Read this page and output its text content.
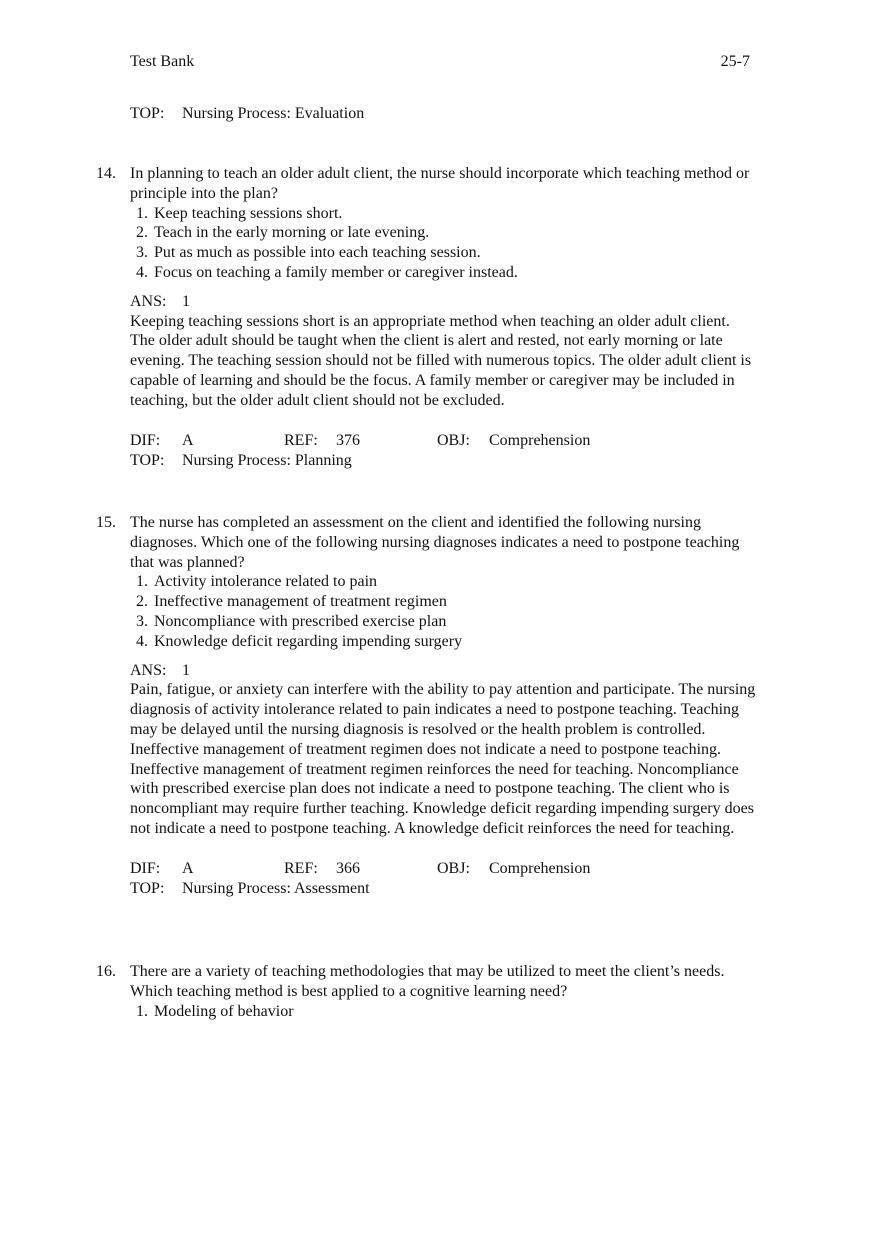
Test Bank	25-7
TOP: Nursing Process: Evaluation
14. In planning to teach an older adult client, the nurse should incorporate which teaching method or principle into the plan?
1. Keep teaching sessions short.
2. Teach in the early morning or late evening.
3. Put as much as possible into each teaching session.
4. Focus on teaching a family member or caregiver instead.
ANS: 1
Keeping teaching sessions short is an appropriate method when teaching an older adult client. The older adult should be taught when the client is alert and rested, not early morning or late evening. The teaching session should not be filled with numerous topics. The older adult client is capable of learning and should be the focus. A family member or caregiver may be included in teaching, but the older adult client should not be excluded.
DIF: A	REF: 376	OBJ: Comprehension
TOP: Nursing Process: Planning
15. The nurse has completed an assessment on the client and identified the following nursing diagnoses. Which one of the following nursing diagnoses indicates a need to postpone teaching that was planned?
1. Activity intolerance related to pain
2. Ineffective management of treatment regimen
3. Noncompliance with prescribed exercise plan
4. Knowledge deficit regarding impending surgery
ANS: 1
Pain, fatigue, or anxiety can interfere with the ability to pay attention and participate. The nursing diagnosis of activity intolerance related to pain indicates a need to postpone teaching. Teaching may be delayed until the nursing diagnosis is resolved or the health problem is controlled. Ineffective management of treatment regimen does not indicate a need to postpone teaching. Ineffective management of treatment regimen reinforces the need for teaching. Noncompliance with prescribed exercise plan does not indicate a need to postpone teaching. The client who is noncompliant may require further teaching. Knowledge deficit regarding impending surgery does not indicate a need to postpone teaching. A knowledge deficit reinforces the need for teaching.
DIF: A	REF: 366	OBJ: Comprehension
TOP: Nursing Process: Assessment
16. There are a variety of teaching methodologies that may be utilized to meet the client’s needs. Which teaching method is best applied to a cognitive learning need?
1. Modeling of behavior
